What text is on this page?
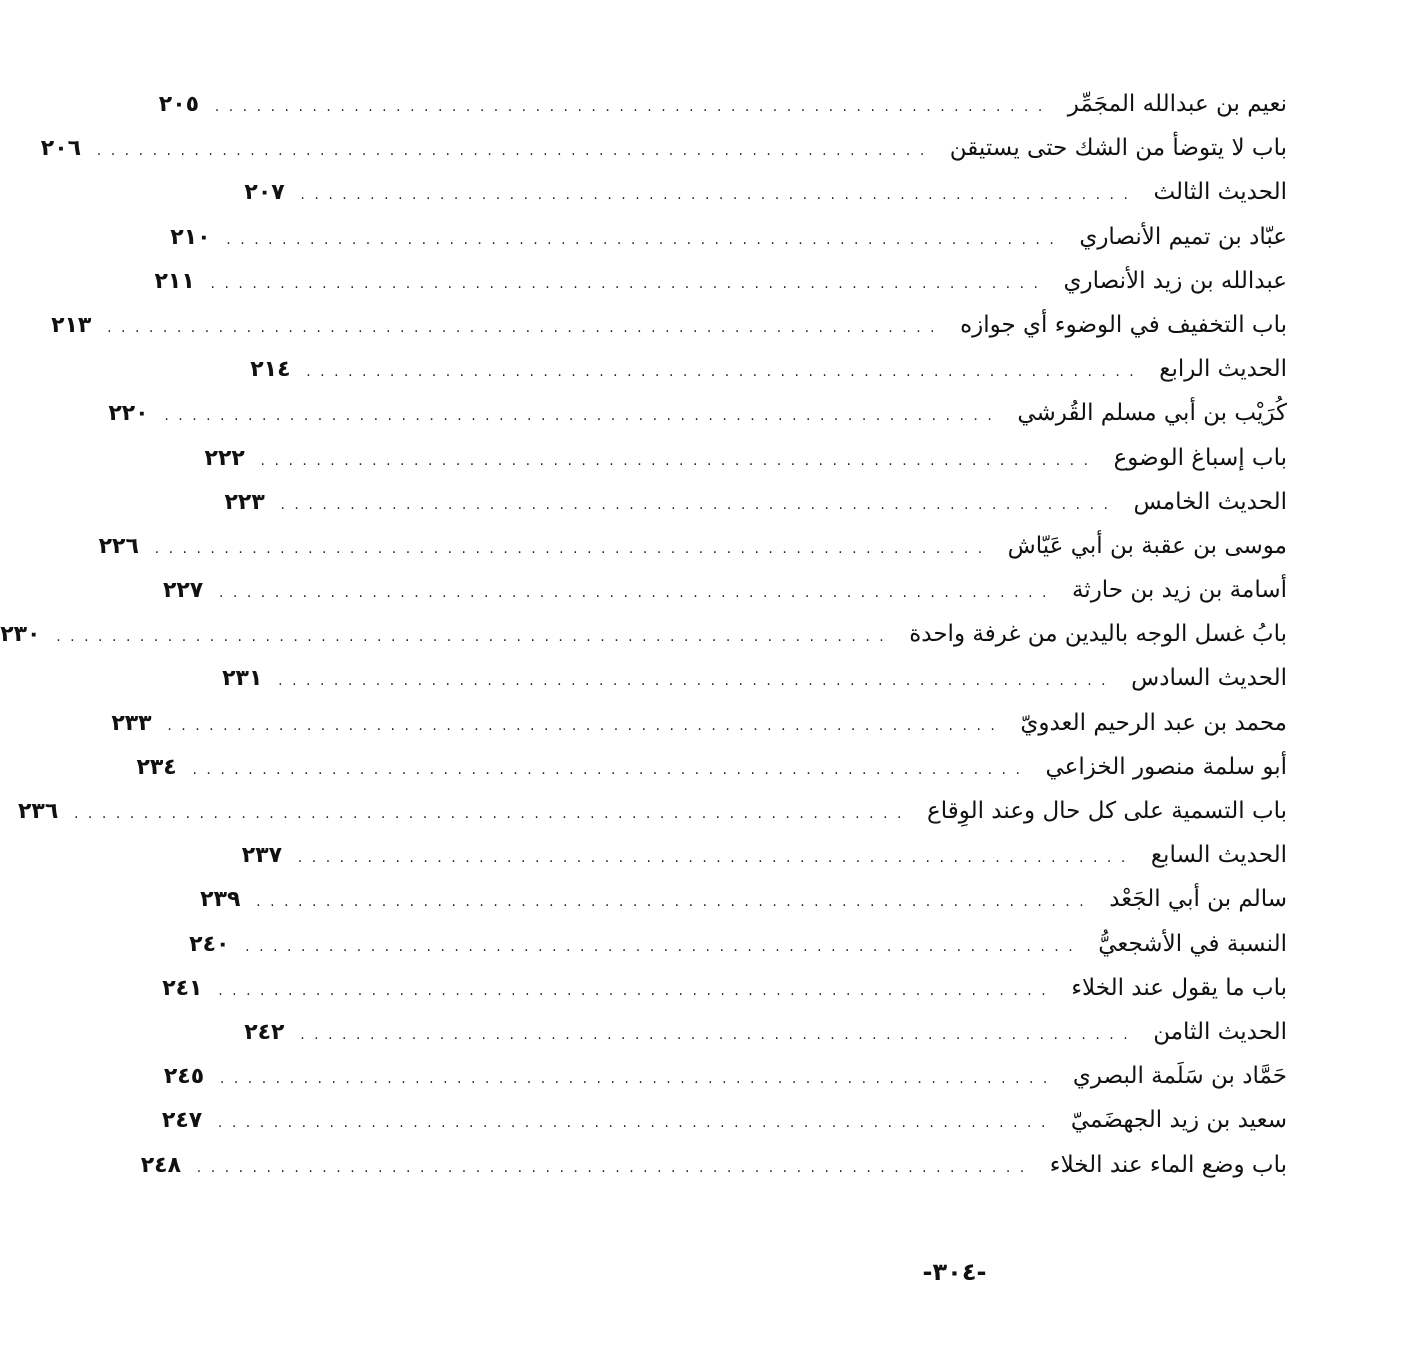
نعيم بن عبدالله المجَمِّر
............................................................
٢٠٥
باب لا يتوضأ من الشك حتى يستيقن
............................................................
٢٠٦
الحديث الثالث
............................................................
٢٠٧
عبّاد بن تميم الأنصاري
............................................................
٢١٠
عبدالله بن زيد الأنصاري
............................................................
٢١١
باب التخفيف في الوضوء أي جوازه
............................................................
٢١٣
الحديث الرابع
............................................................
٢١٤
كُرَيْب بن أبي مسلم القُرشي
............................................................
٢٢٠
باب إسباغ الوضوع
............................................................
٢٢٢
الحديث الخامس
............................................................
٢٢٣
موسى بن عقبة بن أبي عَيّاش
............................................................
٢٢٦
أسامة بن زيد بن حارثة
............................................................
٢٢٧
بابُ غسل الوجه باليدين من غرفة واحدة
............................................................
٢٣٠
الحديث السادس
............................................................
٢٣١
محمد بن عبد الرحيم العدويّ
............................................................
٢٣٣
أبو سلمة منصور الخزاعي
............................................................
٢٣٤
باب التسمية على كل حال وعند الوِقاع
............................................................
٢٣٦
الحديث السابع
............................................................
٢٣٧
سالم بن أبي الجَعْد
............................................................
٢٣٩
النسبة في الأشجعيُّ
............................................................
٢٤٠
باب ما يقول عند الخلاء
............................................................
٢٤١
الحديث الثامن
............................................................
٢٤٢
حَمَّاد بن سَلَمة البصري
............................................................
٢٤٥
سعيد بن زيد الجهضَميّ
............................................................
٢٤٧
باب وضع الماء عند الخلاء
............................................................
٢٤٨
-٣٠٤-
